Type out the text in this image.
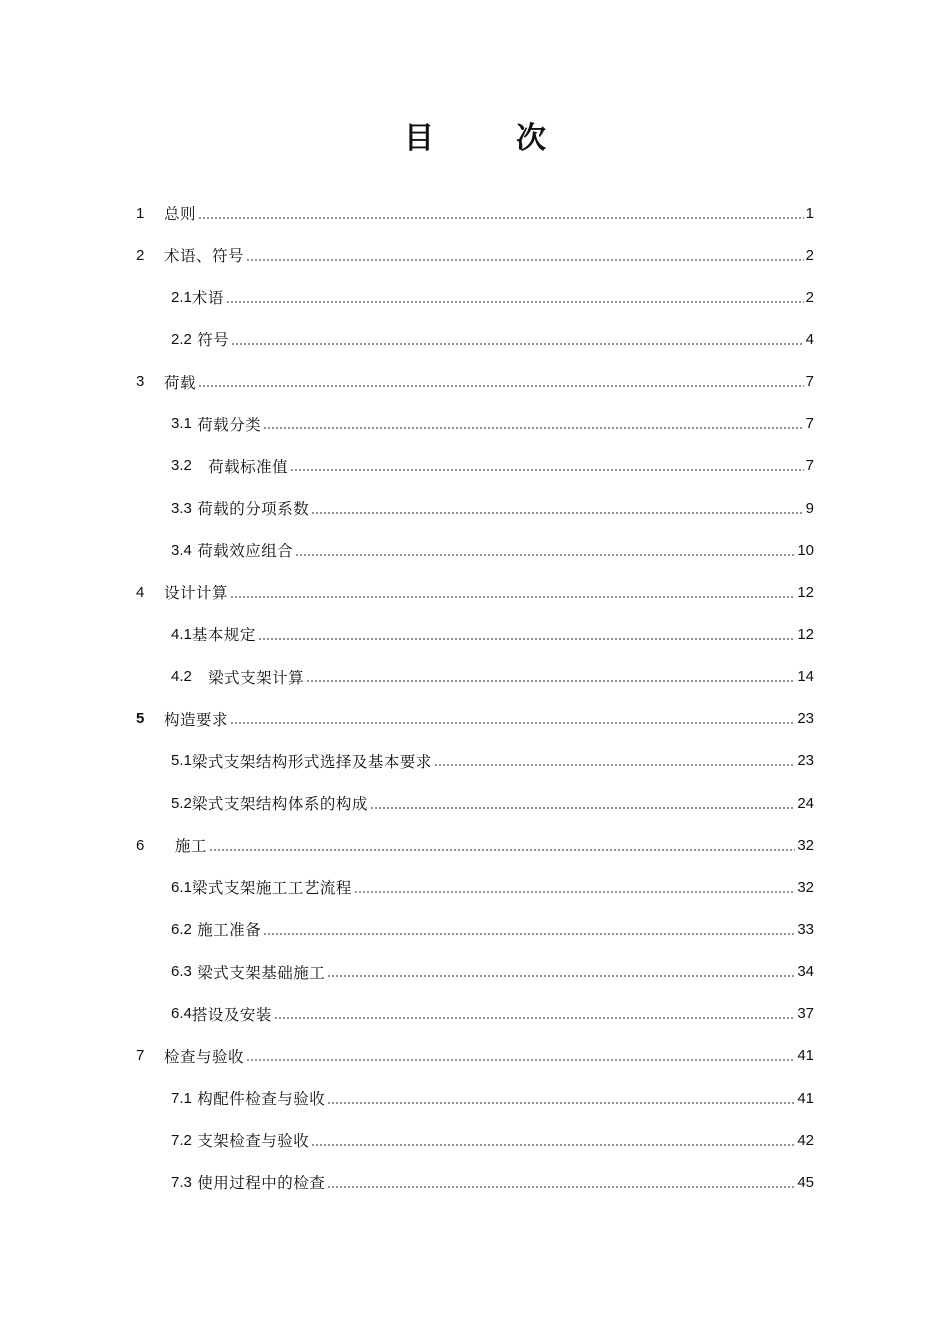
目　次
1	总则	1
2	术语、符号	2
2.1 术语	2
2.2 符号	4
3	荷载	7
3.1 荷载分类	7
3.2 荷载标准值	7
3.3 荷载的分项系数	9
3.4 荷载效应组合	10
4	设计计算	12
4.1 基本规定	12
4.2 梁式支架计算	14
5	构造要求	23
5.1 梁式支架结构形式选择及基本要求	23
5.2 梁式支架结构体系的构成	24
6	施工	32
6.1 梁式支架施工工艺流程	32
6.2 施工准备	33
6.3 梁式支架基础施工	34
6.4 搭设及安装	37
7	检查与验收	41
7.1 构配件检查与验收	41
7.2 支架检查与验收	42
7.3 使用过程中的检查	45
